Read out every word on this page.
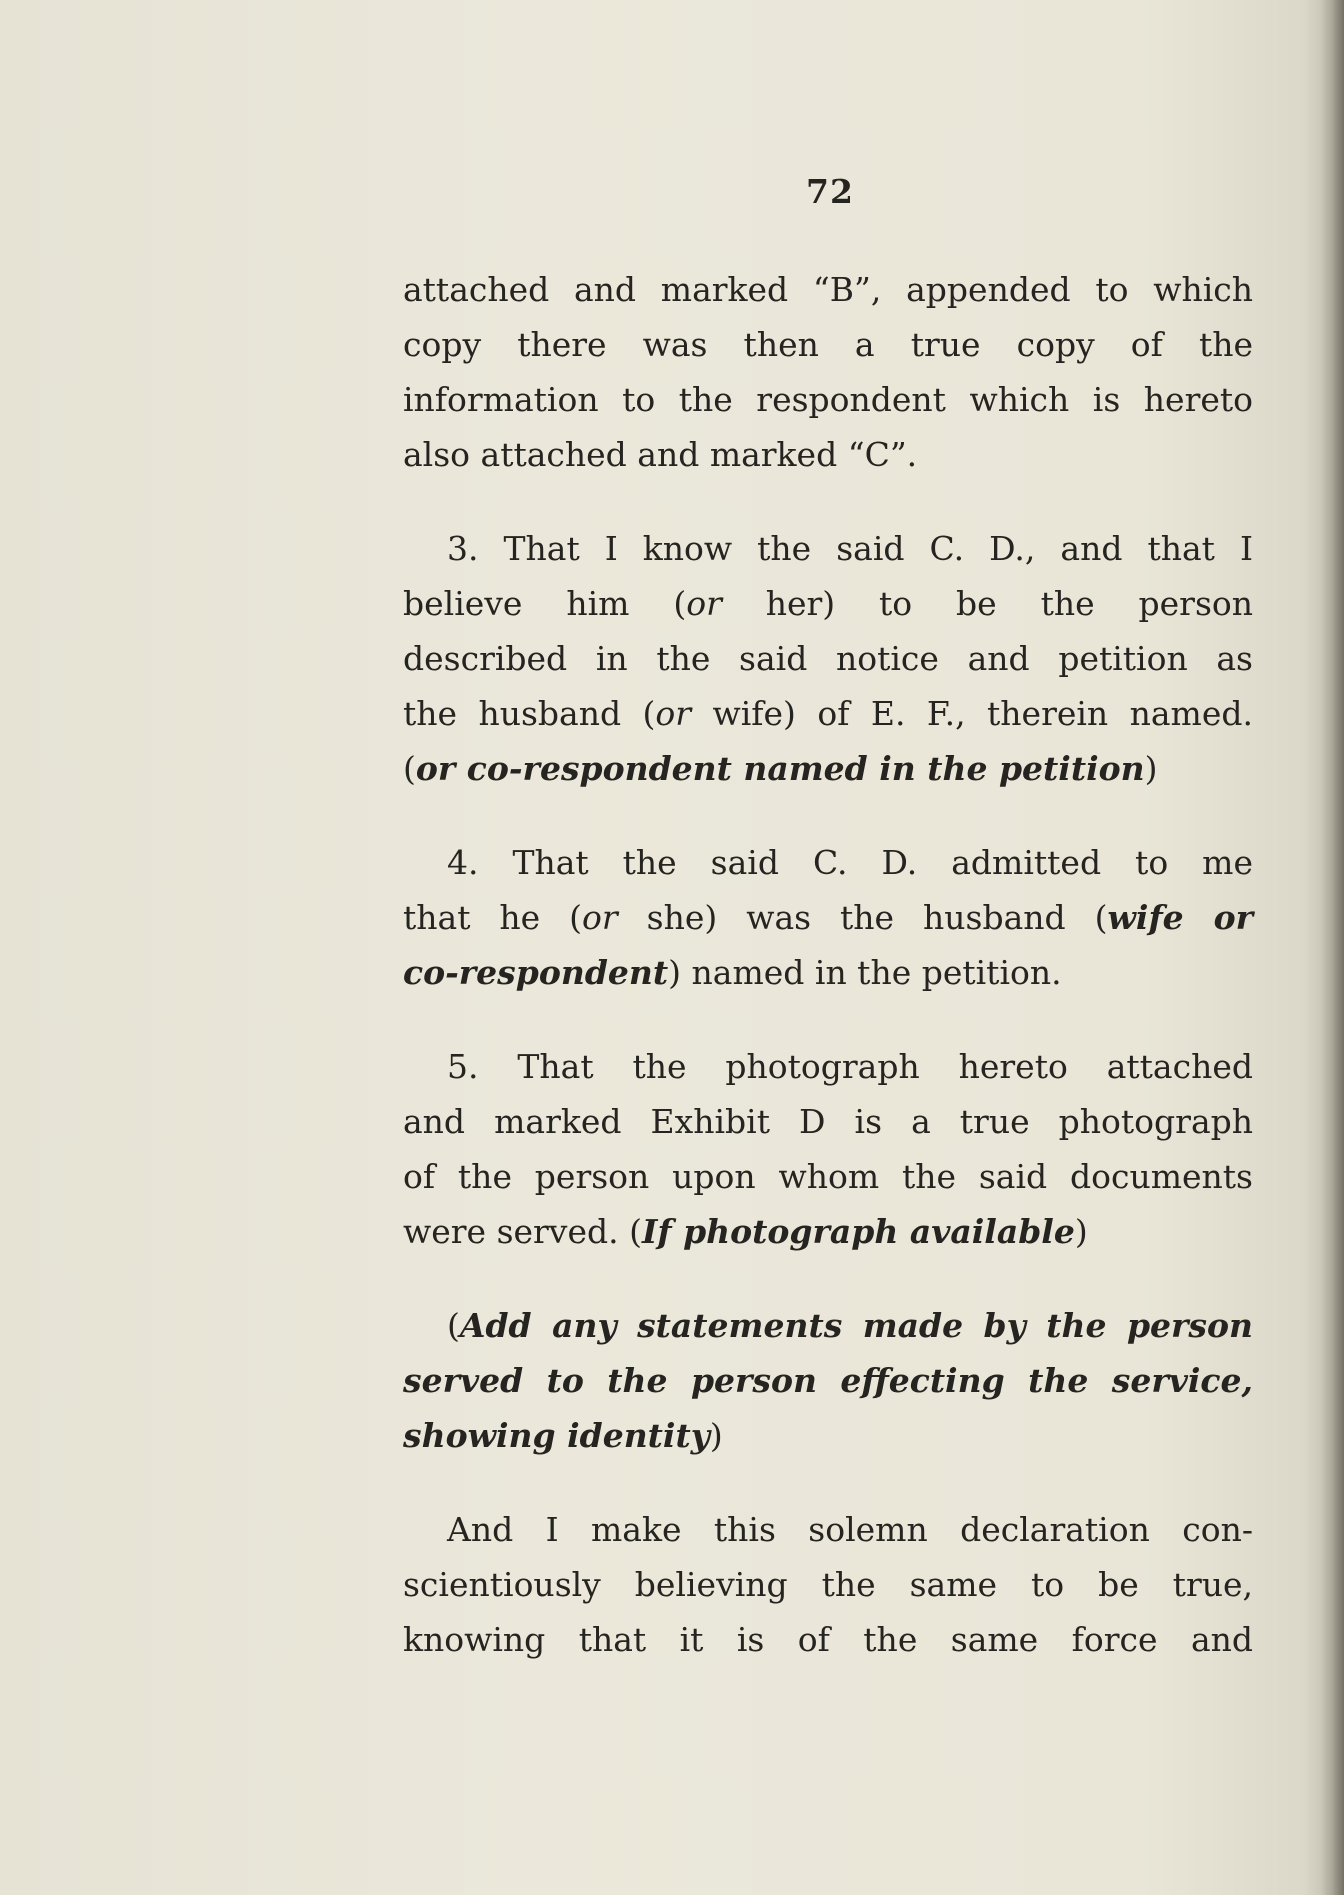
72
attached and marked “B”, appended to which
copy there was then a true copy of the
information to the respondent which is hereto
also attached and marked “C”.
3. That I know the said C. D., and that I
believe him (or her) to be the person
described in the said notice and petition as
the husband (or wife) of E. F., therein named.
(or co-respondent named in the petition)
4. That the said C. D. admitted to me
that he (or she) was the husband (wife or
co-respondent) named in the petition.
5. That the photograph hereto attached
and marked Exhibit D is a true photograph
of the person upon whom the said documents
were served. (If photograph available)
(Add any statements made by the person
served to the person effecting the service,
showing identity)
And I make this solemn declaration con-
scientiously believing the same to be true,
knowing that it is of the same force and
